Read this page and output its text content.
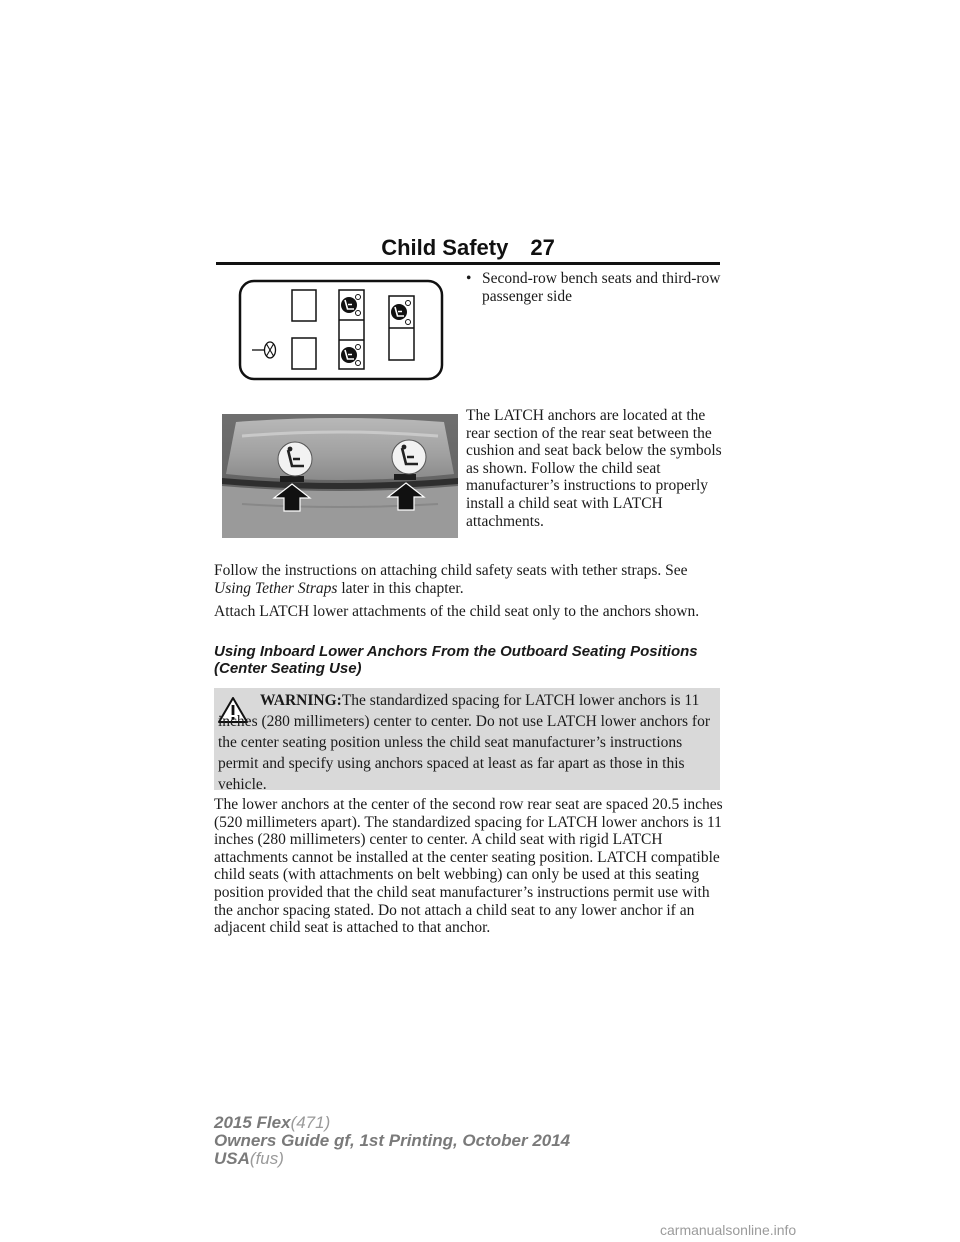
Child Safety 27
• Second-row bench seats and third-row passenger side
The LATCH anchors are located at the rear section of the rear seat between the cushion and seat back below the symbols as shown. Follow the child seat manufacturer’s instructions to properly install a child seat with LATCH attachments.
Follow the instructions on attaching child safety seats with tether straps. See Using Tether Straps later in this chapter.
Attach LATCH lower attachments of the child seat only to the anchors shown.
Using Inboard Lower Anchors From the Outboard Seating Positions (Center Seating Use)
WARNING:The standardized spacing for LATCH lower anchors is 11 inches (280 millimeters) center to center. Do not use LATCH lower anchors for the center seating position unless the child seat manufacturer’s instructions permit and specify using anchors spaced at least as far apart as those in this vehicle.
The lower anchors at the center of the second row rear seat are spaced 20.5 inches (520 millimeters apart). The standardized spacing for LATCH lower anchors is 11 inches (280 millimeters) center to center. A child seat with rigid LATCH attachments cannot be installed at the center seating position. LATCH compatible child seats (with attachments on belt webbing) can only be used at this seating position provided that the child seat manufacturer’s instructions permit use with the anchor spacing stated. Do not attach a child seat to any lower anchor if an adjacent child seat is attached to that anchor.
2015 Flex(471)
Owners Guide gf, 1st Printing, October 2014
USA(fus)
carmanualsonline.info
